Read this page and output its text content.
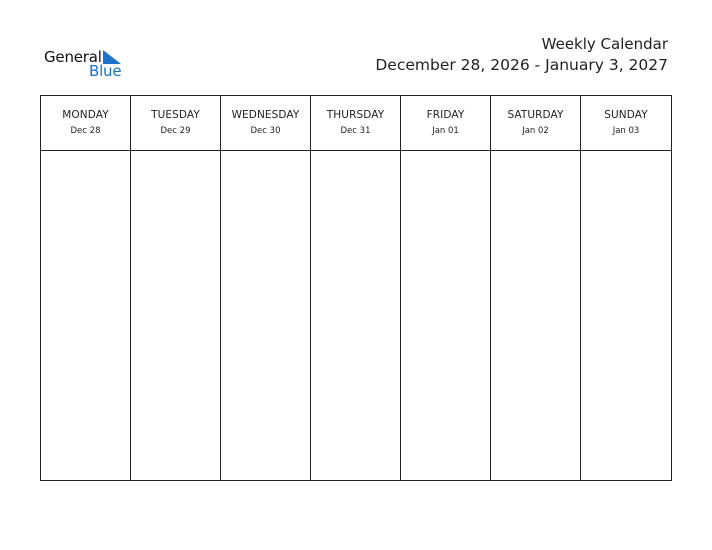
General
Blue
Weekly Calendar
December 28, 2026 - January 3, 2027
MONDAY
Dec 28
TUESDAY
Dec 29
WEDNESDAY
Dec 30
THURSDAY
Dec 31
FRIDAY
Jan 01
SATURDAY
Jan 02
SUNDAY
Jan 03
